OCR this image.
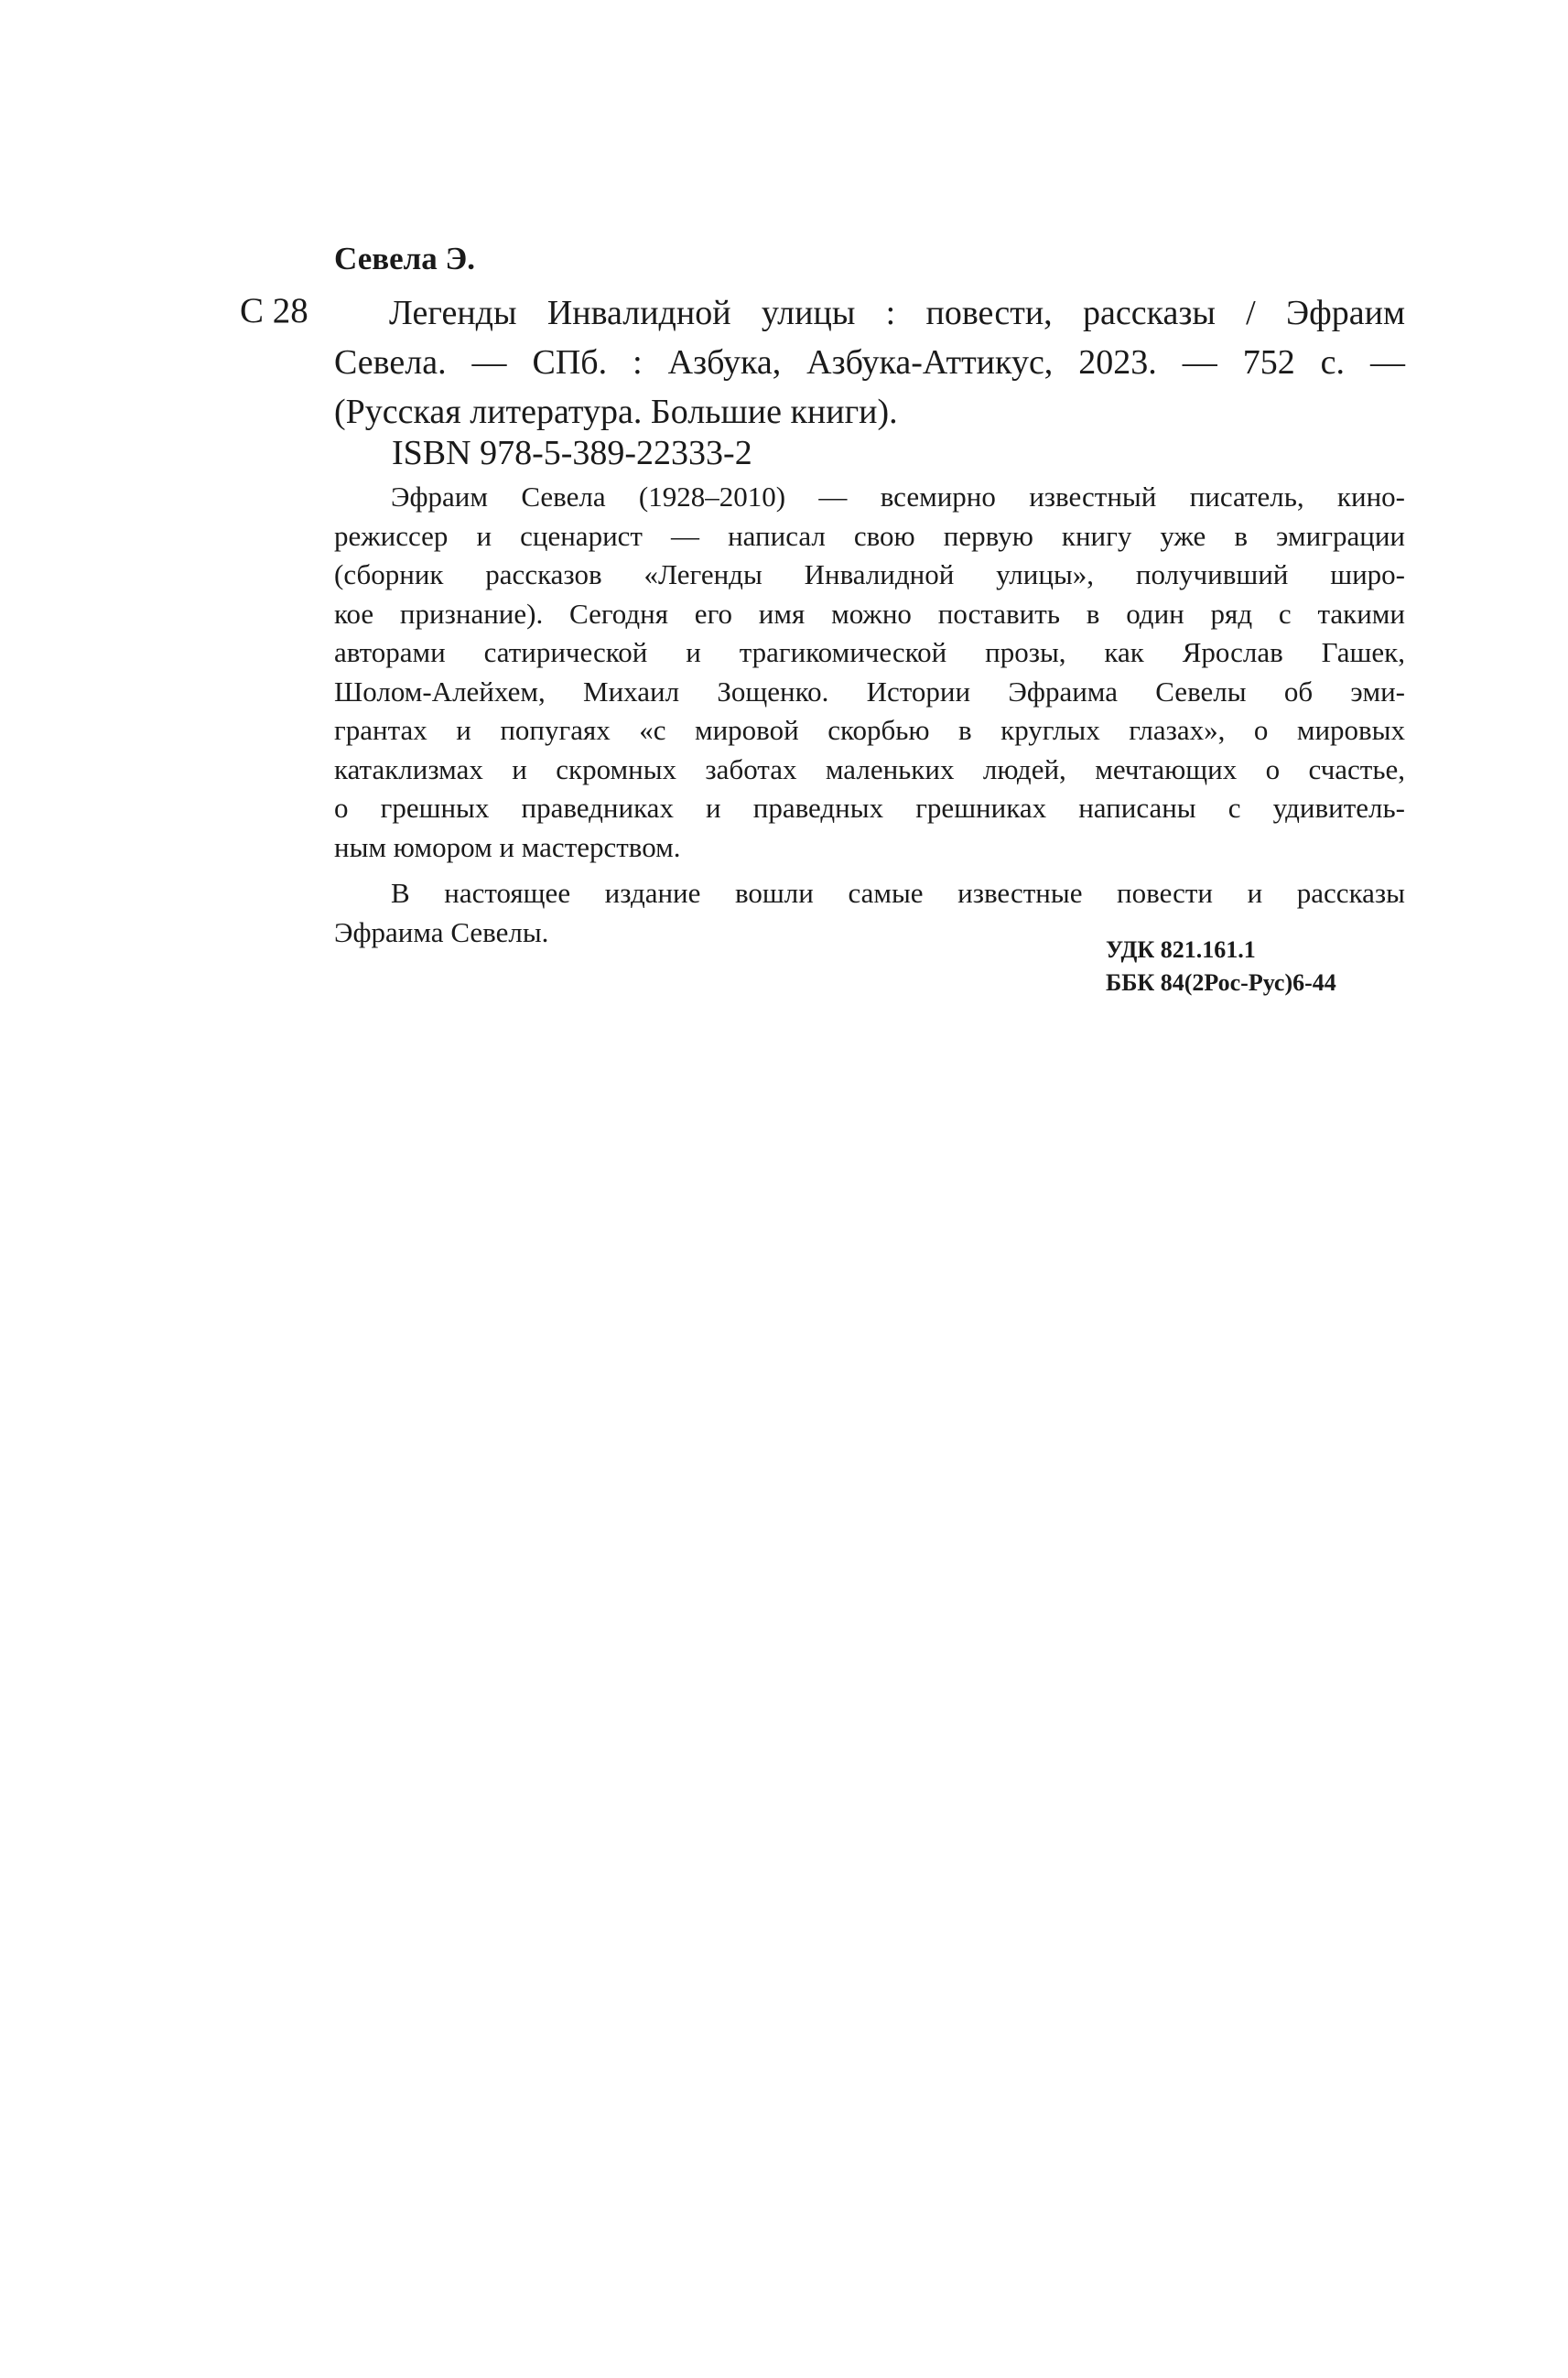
Севела Э.
С 28	Легенды Инвалидной улицы : повести, рассказы / Эфраим
Севела. — СПб. : Азбука, Азбука-Аттикус, 2023. — 752 с. —
(Русская литература. Большие книги).
ISBN 978-5-389-22333-2
Эфраим Севела (1928–2010) — всемирно известный писатель, кино-
режиссер и сценарист — написал свою первую книгу уже в эмиграции
(сборник рассказов «Легенды Инвалидной улицы», получивший широ-
кое признание). Сегодня его имя можно поставить в один ряд с такими
авторами сатирической и трагикомической прозы, как Ярослав Гашек,
Шолом-Алейхем, Михаил Зощенко. Истории Эфраима Севелы об эми-
грантах и попугаях «с мировой скорбью в круглых глазах», о мировых
катаклизмах и скромных заботах маленьких людей, мечтающих о счастье,
о грешных праведниках и праведных грешниках написаны с удивитель-
ным юмором и мастерством.
В настоящее издание вошли самые известные повести и рассказы
Эфраима Севелы.
УДК 821.161.1
ББК 84(2Рос-Рус)6-44
